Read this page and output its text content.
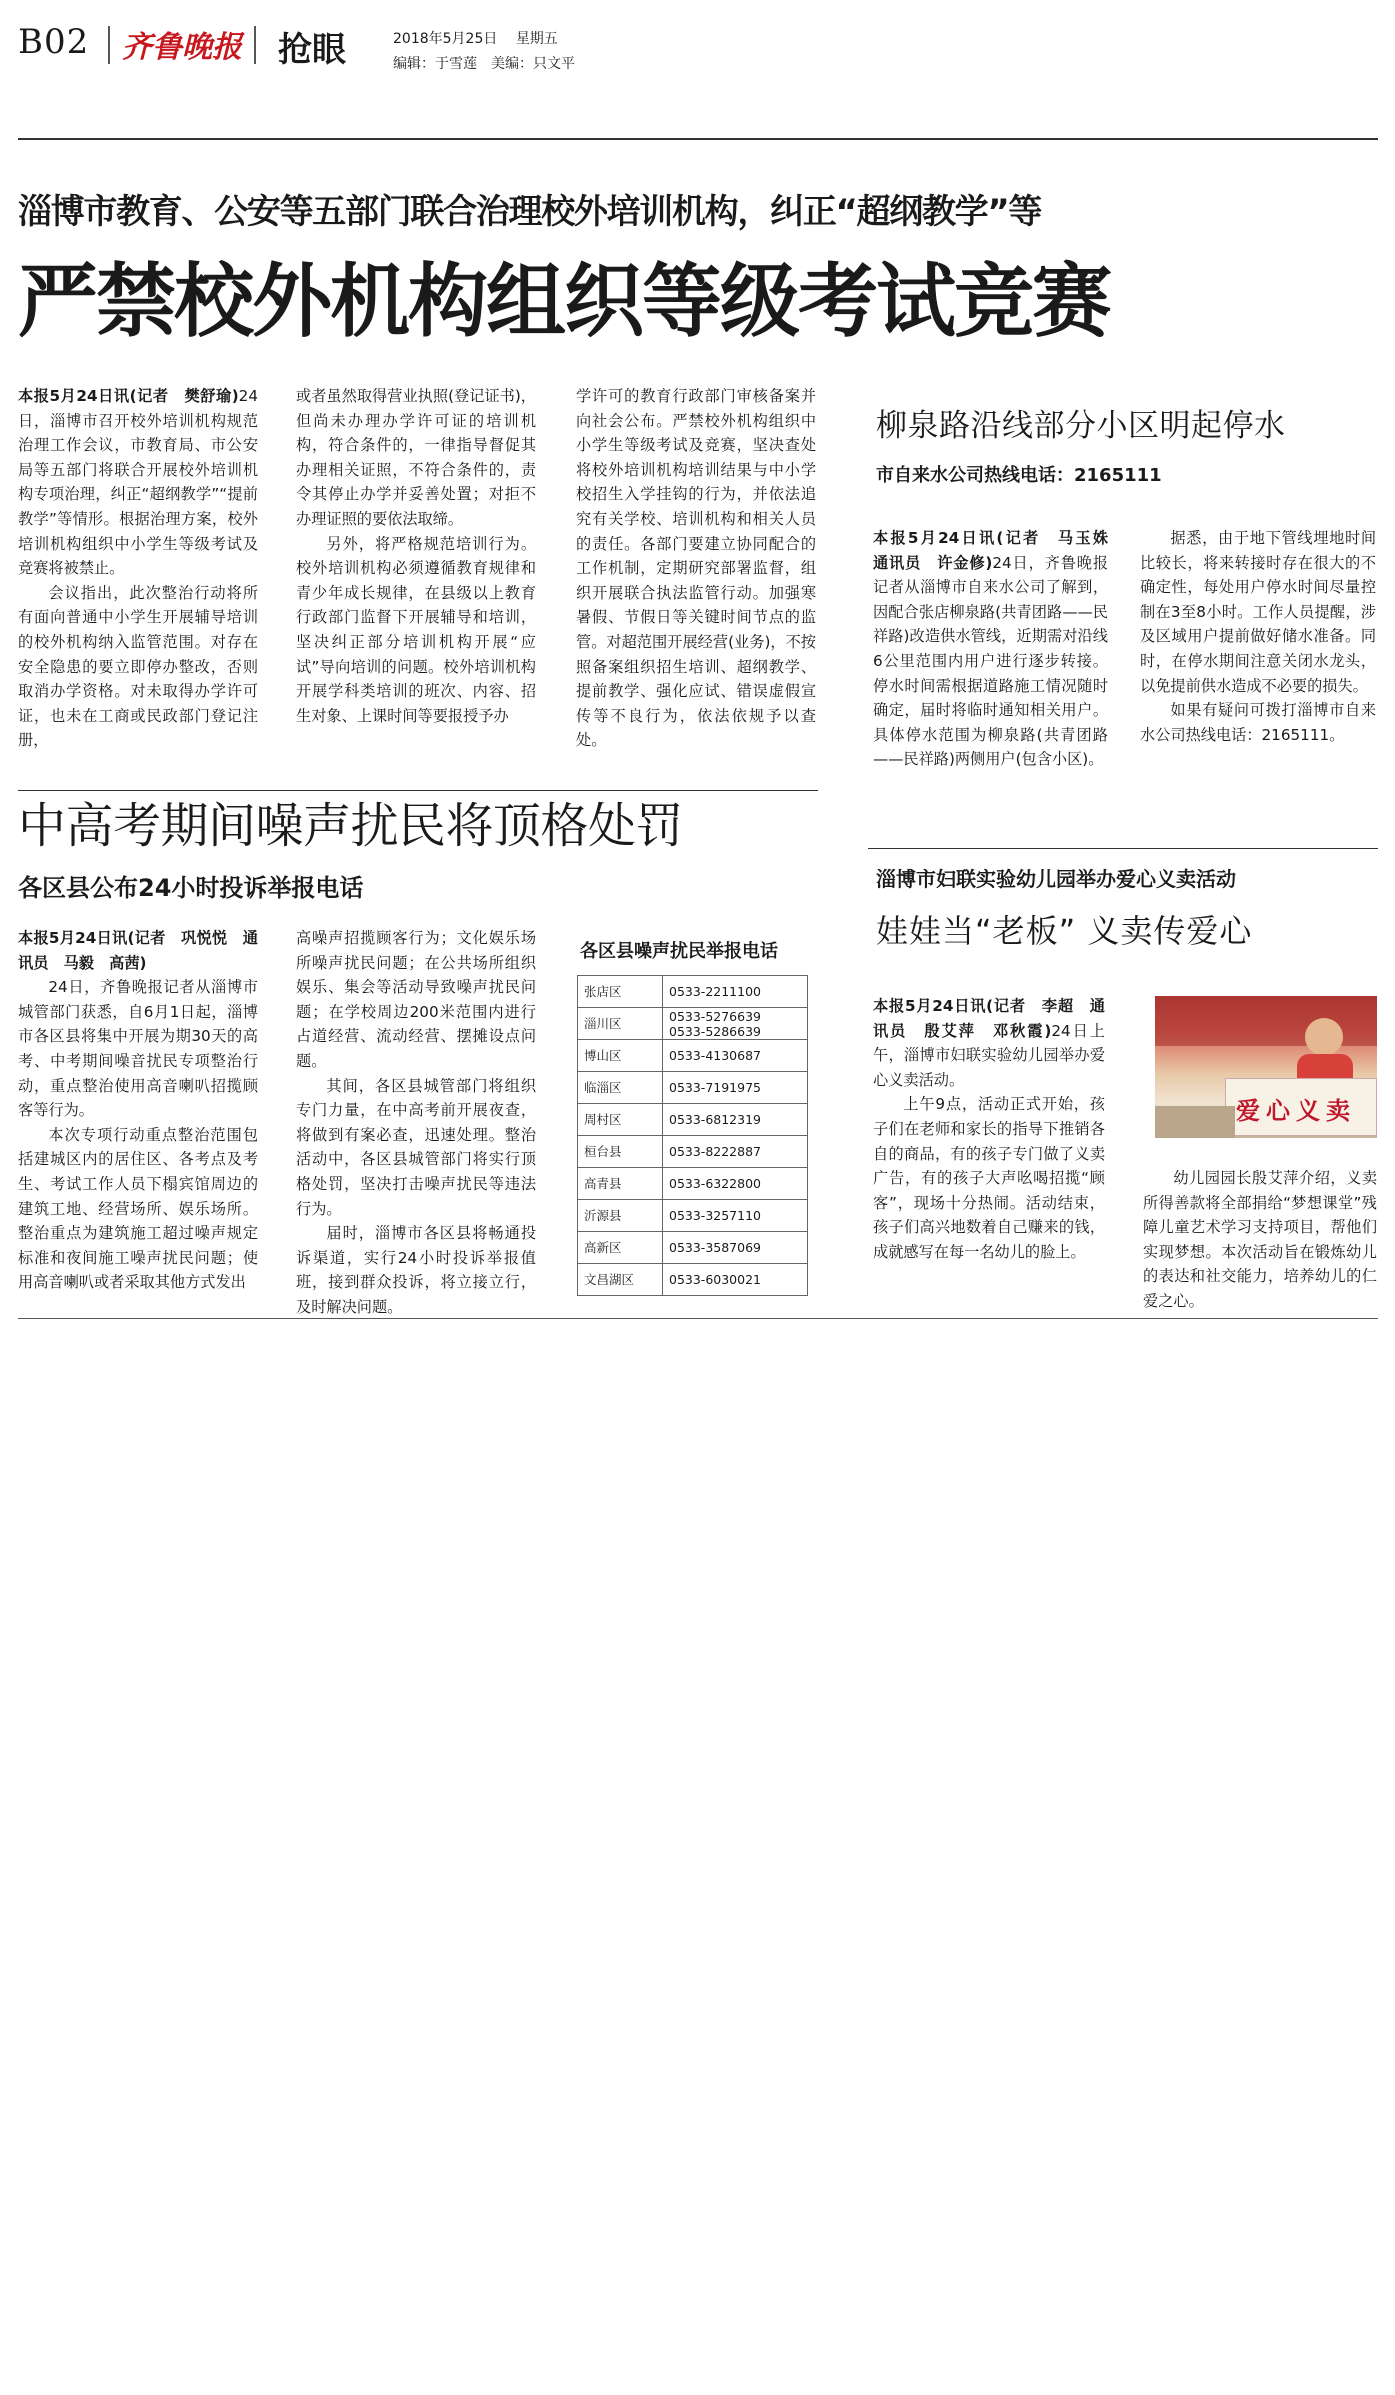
B02 齐鲁晚报 抢眼	2018年5月25日 星期五
编辑：于雪莲　美编：只文平
淄博市教育、公安等五部门联合治理校外培训机构，纠正“超纲教学”等
严禁校外机构组织等级考试竞赛

本报5月24日讯(记者　樊舒瑜)24日，淄博市召开校外培训机构规范治理工作会议，市教育局、市公安局等五部门将联合开展校外培训机构专项治理，纠正“超纲教学”“提前教学”等情形。根据治理方案，校外培训机构组织中小学生等级考试及竞赛将被禁止。

会议指出，此次整治行动将所有面向普通中小学生开展辅导培训的校外机构纳入监管范围。对存在安全隐患的要立即停办整改，否则取消办学资格。对未取得办学许可证，也未在工商或民政部门登记注册，

或者虽然取得营业执照(登记证书)，但尚未办理办学许可证的培训机构，符合条件的，一律指导督促其办理相关证照，不符合条件的，责令其停止办学并妥善处置；对拒不办理证照的要依法取缔。

另外，将严格规范培训行为。校外培训机构必须遵循教育规律和青少年成长规律，在县级以上教育行政部门监督下开展辅导和培训，坚决纠正部分培训机构开展“应试”导向培训的问题。校外培训机构开展学科类培训的班次、内容、招生对象、上课时间等要报授予办

学许可的教育行政部门审核备案并向社会公布。严禁校外机构组织中小学生等级考试及竞赛，坚决查处将校外培训机构培训结果与中小学校招生入学挂钩的行为，并依法追究有关学校、培训机构和相关人员的责任。各部门要建立协同配合的工作机制，定期研究部署监督，组织开展联合执法监管行动。加强寒暑假、节假日等关键时间节点的监管。对超范围开展经营(业务)，不按照备案组织招生培训、超纲教学、提前教学、强化应试、错误虚假宣传等不良行为，依法依规予以查处。

中高考期间噪声扰民将顶格处罚
各区县公布24小时投诉举报电话

本报5月24日讯(记者　巩悦悦　通讯员　马毅　高茜)

24日，齐鲁晚报记者从淄博市城管部门获悉，自6月1日起，淄博市各区县将集中开展为期30天的高考、中考期间噪音扰民专项整治行动，重点整治使用高音喇叭招揽顾客等行为。

本次专项行动重点整治范围包括建城区内的居住区、各考点及考生、考试工作人员下榻宾馆周边的建筑工地、经营场所、娱乐场所。整治重点为建筑施工超过噪声规定标准和夜间施工噪声扰民问题；使用高音喇叭或者采取其他方式发出

高噪声招揽顾客行为；文化娱乐场所噪声扰民问题；在公共场所组织娱乐、集会等活动导致噪声扰民问题；在学校周边200米范围内进行占道经营、流动经营、摆摊设点问题。

其间，各区县城管部门将组织专门力量，在中高考前开展夜查，将做到有案必查，迅速处理。整治活动中，各区县城管部门将实行顶格处罚，坚决打击噪声扰民等违法行为。

届时，淄博市各区县将畅通投诉渠道，实行24小时投诉举报值班，接到群众投诉，将立接立行，及时解决问题。

各区县噪声扰民举报电话
张店区	0533-2211100
淄川区	0533-5276639
0533-5286639
博山区	0533-4130687
临淄区	0533-7191975
周村区	0533-6812319
桓台县	0533-8222887
高青县	0533-6322800
沂源县	0533-3257110
高新区	0533-3587069
文昌湖区	0533-6030021
柳泉路沿线部分小区明起停水
市自来水公司热线电话：2165111

本报5月24日讯(记者　马玉姝　通讯员　许金修)24日，齐鲁晚报记者从淄博市自来水公司了解到，因配合张店柳泉路(共青团路——民祥路)改造供水管线，近期需对沿线6公里范围内用户进行逐步转接。停水时间需根据道路施工情况随时确定，届时将临时通知相关用户。具体停水范围为柳泉路(共青团路——民祥路)两侧用户(包含小区)。

据悉，由于地下管线埋地时间比较长，将来转接时存在很大的不确定性，每处用户停水时间尽量控制在3至8小时。工作人员提醒，涉及区域用户提前做好储水准备。同时，在停水期间注意关闭水龙头，以免提前供水造成不必要的损失。

如果有疑问可拨打淄博市自来水公司热线电话：2165111。

淄博市妇联实验幼儿园举办爱心义卖活动
娃娃当“老板” 义卖传爱心

本报5月24日讯(记者　李超　通讯员　殷艾萍　邓秋霞)24日上午，淄博市妇联实验幼儿园举办爱心义卖活动。

上午9点，活动正式开始，孩子们在老师和家长的指导下推销各自的商品，有的孩子专门做了义卖广告，有的孩子大声吆喝招揽“顾客”，现场十分热闹。活动结束，孩子们高兴地数着自己赚来的钱，成就感写在每一名幼儿的脸上。

爱心义卖

幼儿园园长殷艾萍介绍，义卖所得善款将全部捐给“梦想课堂”残障儿童艺术学习支持项目，帮他们实现梦想。本次活动旨在锻炼幼儿的表达和社交能力，培养幼儿的仁爱之心。
